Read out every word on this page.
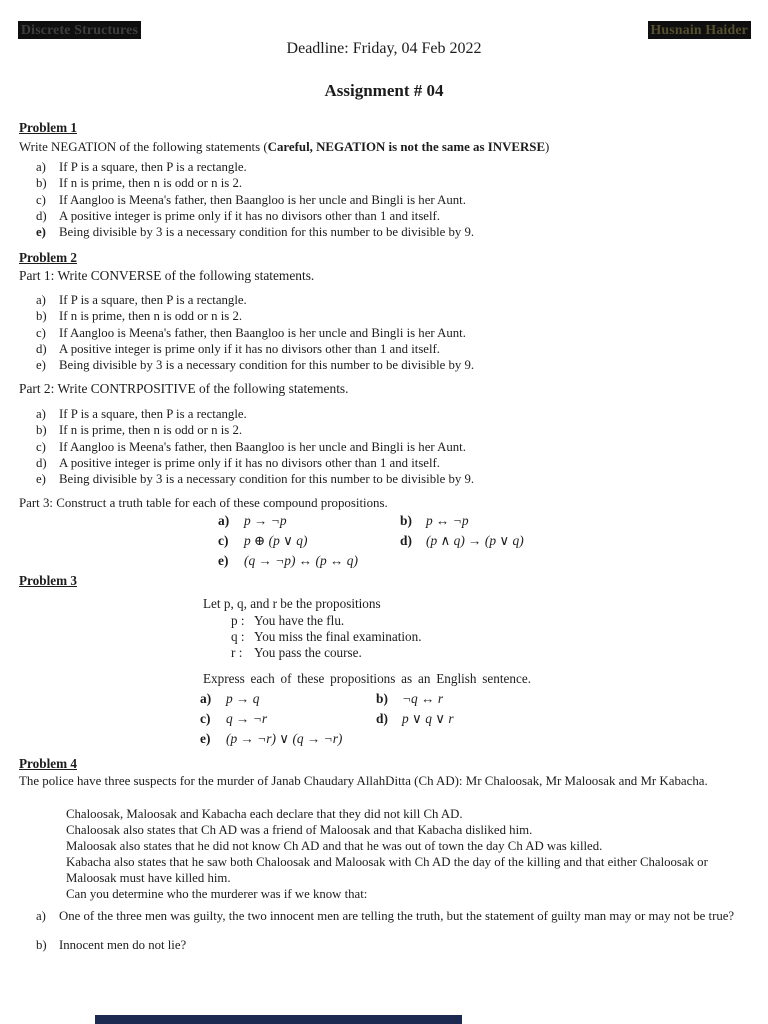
Discrete Structures	Husnain Haider
Deadline: Friday, 04 Feb 2022
Assignment # 04
Problem 1
Write NEGATION of the following statements (Careful, NEGATION is not the same as INVERSE)
a)	If P is a square, then P is a rectangle.
b) If n is prime, then n is odd or n is 2.
c)	If Aangloo is Meena's father, then Baangloo is her uncle and Bingli is her Aunt.
d) A positive integer is prime only if it has no divisors other than 1 and itself.
e)	Being divisible by 3 is a necessary condition for this number to be divisible by 9.
Problem 2
Part 1: Write CONVERSE of the following statements.
a)	If P is a square, then P is a rectangle.
b) If n is prime, then n is odd or n is 2.
c)	If Aangloo is Meena's father, then Baangloo is her uncle and Bingli is her Aunt.
d) A positive integer is prime only if it has no divisors other than 1 and itself.
e)	Being divisible by 3 is a necessary condition for this number to be divisible by 9.
Part 2: Write CONTRPOSITIVE of the following statements.
a)	If P is a square, then P is a rectangle.
b) If n is prime, then n is odd or n is 2.
c)	If Aangloo is Meena's father, then Baangloo is her uncle and Bingli is her Aunt.
d) A positive integer is prime only if it has no divisors other than 1 and itself.
e)	Being divisible by 3 is a necessary condition for this number to be divisible by 9.
Part 3: Construct a truth table for each of these compound propositions.
a)	p → ¬p	b)	p ↔ ¬p
c)	p ⊕ (p ∨ q)	d)	(p ∧ q) → (p ∨ q)
e)	(q → ¬p) ↔ (p ↔ q)
Problem 3
Let p, q, and r be the propositions
p : You have the flu.
q : You miss the final examination.
r : You pass the course.
Express each of these propositions as an English sentence.
a)	p → q	b)	¬q ↔ r
c)	q → ¬r	d)	p ∨ q ∨ r
e)	(p → ¬r) ∨ (q → ¬r)
Problem 4
The police have three suspects for the murder of Janab Chaudary AllahDitta (Ch AD): Mr Chaloosak, Mr Maloosak and Mr Kabacha.
Chaloosak, Maloosak and Kabacha each declare that they did not kill Ch AD.
Chaloosak also states that Ch AD was a friend of Maloosak and that Kabacha disliked him.
Maloosak also states that he did not know Ch AD and that he was out of town the day Ch AD was killed.
Kabacha also states that he saw both Chaloosak and Maloosak with Ch AD the day of the killing and that either Chaloosak or Maloosak must have killed him.
Can you determine who the murderer was if we know that:
a)	One of the three men was guilty, the two innocent men are telling the truth, but the statement of guilty man may or may not be true?
b) Innocent men do not lie?
